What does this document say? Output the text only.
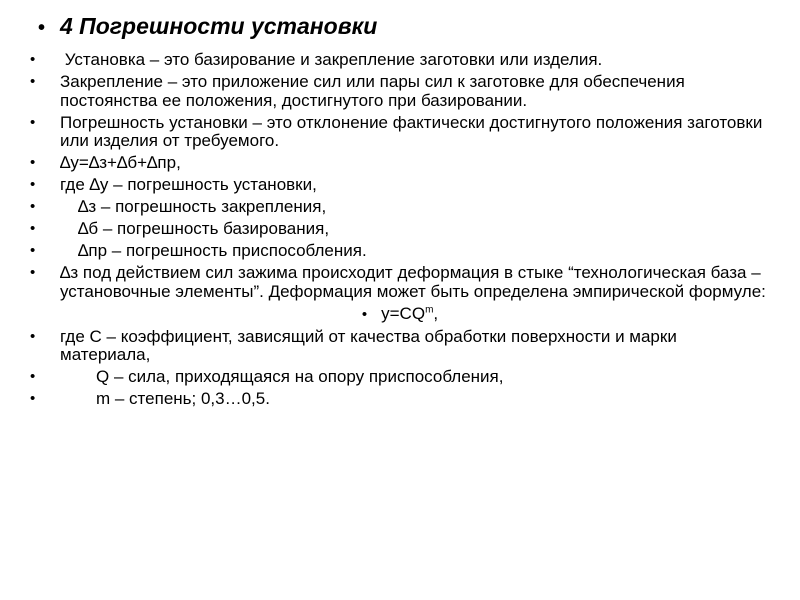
• 4 Погрешности установки
• Установка – это базирование и закрепление заготовки или изделия.
• Закрепление – это приложение сил или пары сил к заготовке для обеспечения постоянства ее положения, достигнутого при базировании.
• Погрешность установки – это отклонение фактически достигнутого положения заготовки или изделия от требуемого.
• ∆у=∆з+∆б+∆пр,
• где ∆у – погрешность установки,
•	∆з – погрешность закрепления,
•	∆б – погрешность базирования,
•	∆пр – погрешность приспособления.
• ∆з под действием сил зажима происходит деформация в стыке “технологическая база – установочные элементы”. Деформация может быть определена эмпирической формуле:
• $у=CQ^m$,
• где С – коэффициент, зависящий от качества обработки поверхности и марки материала,
•	Q – сила, приходящаяся на опору приспособления,
•	m – степень; 0,3…0,5.
